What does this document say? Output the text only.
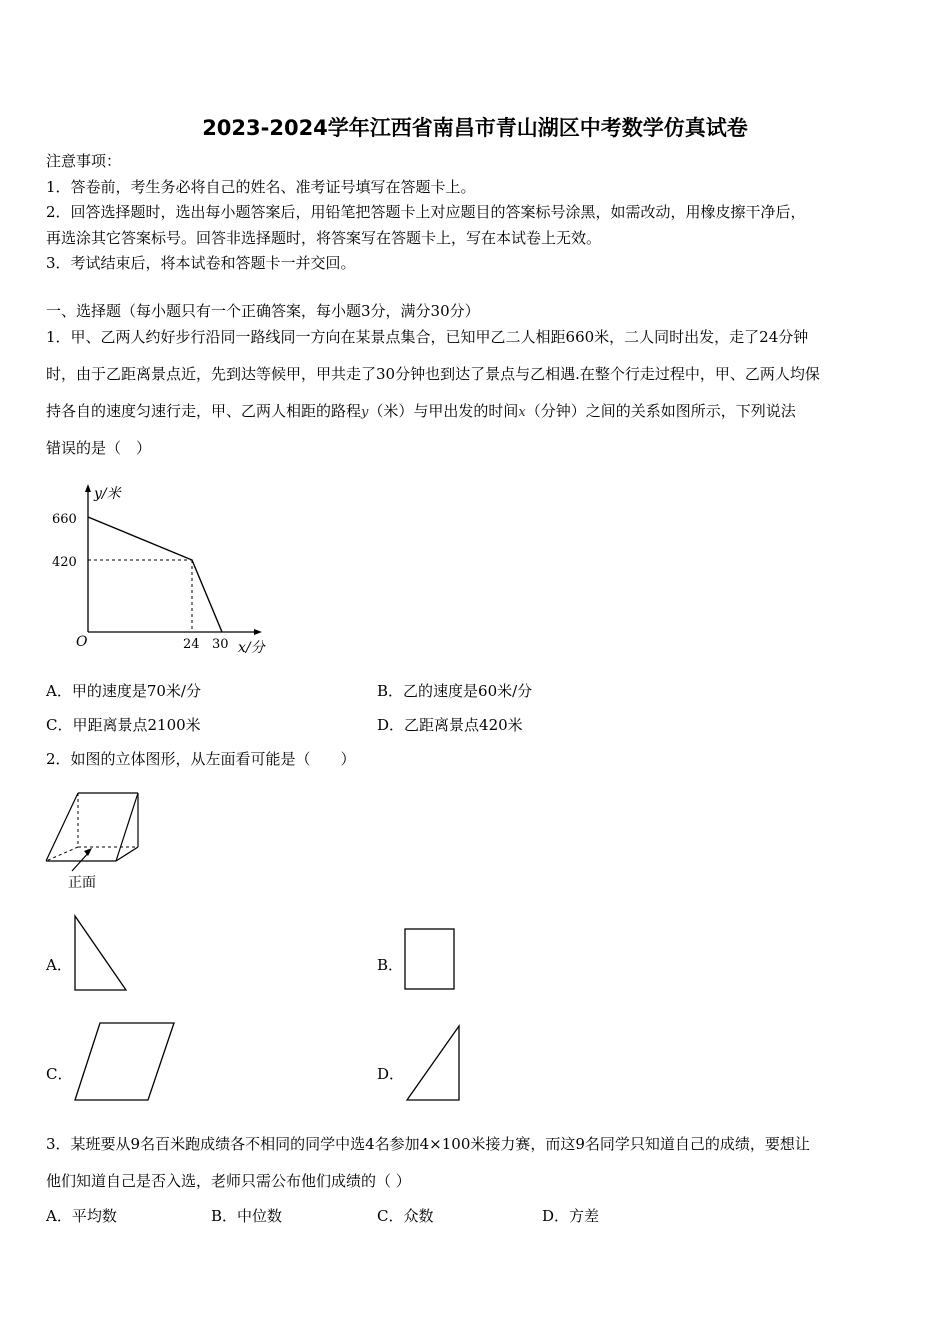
2023-2024学年江西省南昌市青山湖区中考数学仿真试卷
注意事项：
1．答卷前，考生务必将自己的姓名、准考证号填写在答题卡上。
2．回答选择题时，选出每小题答案后，用铅笔把答题卡上对应题目的答案标号涂黑，如需改动，用橡皮擦干净后，
再选涂其它答案标号。回答非选择题时，将答案写在答题卡上，写在本试卷上无效。
3．考试结束后，将本试卷和答题卡一并交回。
一、选择题（每小题只有一个正确答案，每小题3分，满分30分）
1．甲、乙两人约好步行沿同一路线同一方向在某景点集合，已知甲乙二人相距660米，二人同时出发，走了24分钟
时，由于乙距离景点近，先到达等候甲，甲共走了30分钟也到达了景点与乙相遇.在整个行走过程中，甲、乙两人均保
持各自的速度匀速行走，甲、乙两人相距的路程y（米）与甲出发的时间x（分钟）之间的关系如图所示，下列说法
错误的是（　）
y/米
x/分
O
660
420
24 30
A．甲的速度是70米/分	B．乙的速度是60米/分
C．甲距离景点2100米	D．乙距离景点420米
2．如图的立体图形，从左面看可能是（　　）
正面
A．	B．
C．	D．
3．某班要从9名百米跑成绩各不相同的同学中选4名参加4×100米接力赛，而这9名同学只知道自己的成绩，要想让
他们知道自己是否入选，老师只需公布他们成绩的（ ）
A．平均数	B．中位数	C．众数	D．方差
